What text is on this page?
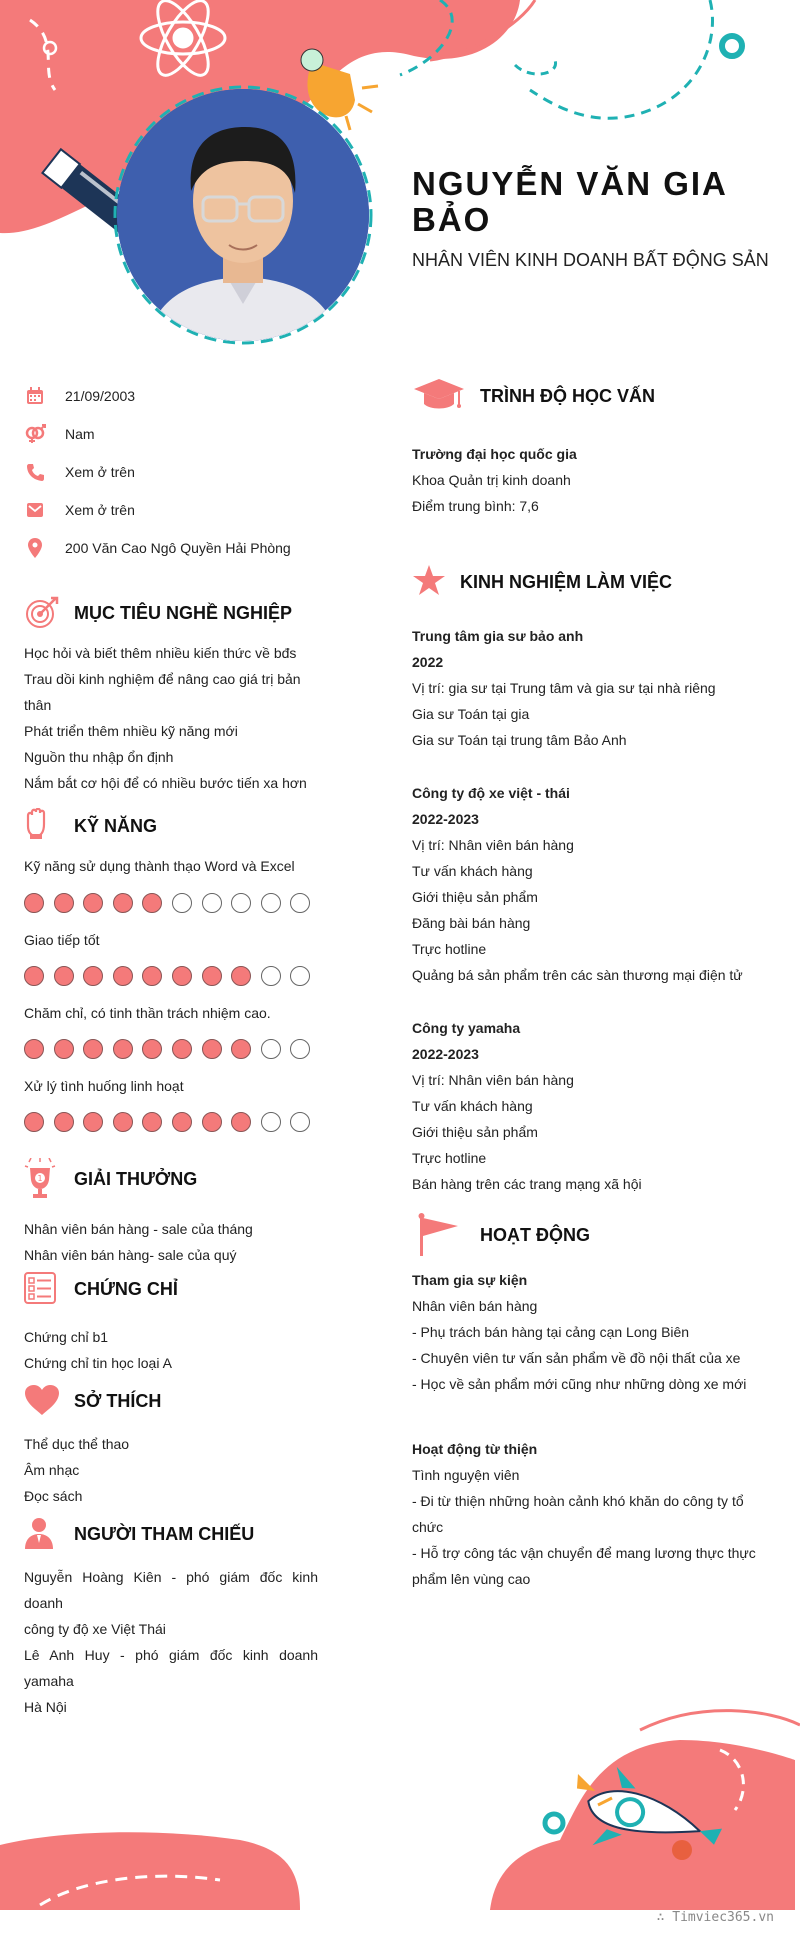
NGUYỄN VĂN GIA
BẢO
NHÂN VIÊN KINH DOANH BẤT ĐỘNG SẢN
21/09/2003
Nam
Xem ở trên
Xem ở trên
200 Văn Cao Ngô Quyền Hải Phòng
MỤC TIÊU NGHỀ NGHIỆP
Học hỏi và biết thêm nhiều kiến thức về bđs
Trau dồi kinh nghiệm để nâng cao giá trị bản
thân
Phát triển thêm nhiều kỹ năng mới
Nguồn thu nhập ổn định
Nắm bắt cơ hội để có nhiều bước tiến xa hơn
KỸ NĂNG
Kỹ năng sử dụng thành thạo Word và Excel
Giao tiếp tốt
Chăm chỉ, có tinh thần trách nhiệm cao.
Xử lý tình huống linh hoạt
1 GIẢI THƯỞNG
Nhân viên bán hàng - sale của tháng
Nhân viên bán hàng- sale của quý
CHỨNG CHỈ
Chứng chỉ b1
Chứng chỉ tin học loại A
SỞ THÍCH
Thể dục thể thao
Âm nhạc
Đọc sách
NGƯỜI THAM CHIẾU
Nguyễn Hoàng Kiên - phó giám đốc kinh doanh
công ty độ xe Việt Thái
Lê Anh Huy - phó giám đốc kinh doanh yamaha
Hà Nội
TRÌNH ĐỘ HỌC VẤN
Trường đại học quốc gia
Khoa Quản trị kinh doanh
Điểm trung bình: 7,6
KINH NGHIỆM LÀM VIỆC
Trung tâm gia sư bảo anh
2022
Vị trí: gia sư tại Trung tâm và gia sư tại nhà riêng
Gia sư Toán tại gia
Gia sư Toán tại trung tâm Bảo Anh
Công ty độ xe việt - thái
2022-2023
Vị trí: Nhân viên bán hàng
Tư vấn khách hàng
Giới thiệu sản phẩm
Đăng bài bán hàng
Trực hotline
Quảng bá sản phẩm trên các sàn thương mại điện tử
Công ty yamaha
2022-2023
Vị trí: Nhân viên bán hàng
Tư vấn khách hàng
Giới thiệu sản phẩm
Trực hotline
Bán hàng trên các trang mạng xã hội
HOẠT ĐỘNG
Tham gia sự kiện
Nhân viên bán hàng
- Phụ trách bán hàng tại cảng cạn Long Biên
- Chuyên viên tư vấn sản phẩm về đồ nội thất của xe
- Học về sản phẩm mới cũng như những dòng xe mới
Hoạt động từ thiện
Tình nguyện viên
- Đi từ thiện những hoàn cảnh khó khăn do công ty tổ
chức
- Hỗ trợ công tác vận chuyển để mang lương thực thực
phẩm lên vùng cao
∴ Timviec365.vn
